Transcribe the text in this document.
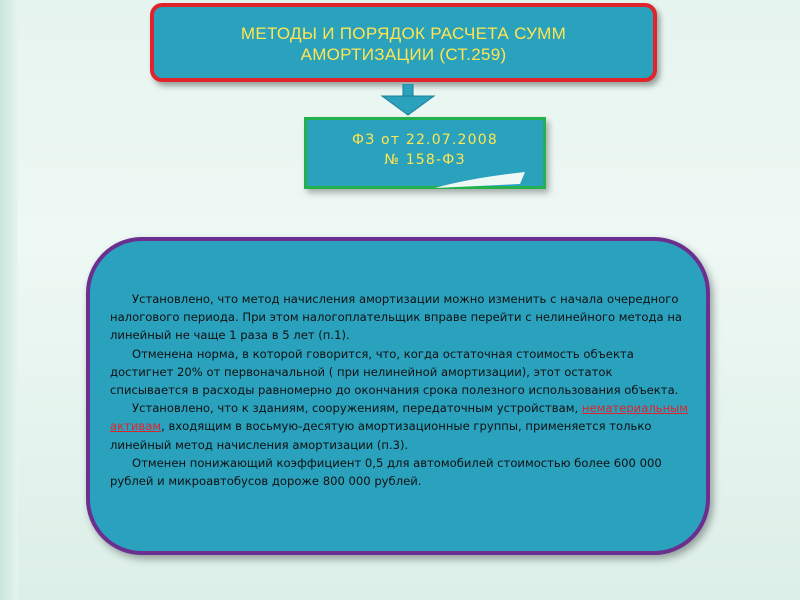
МЕТОДЫ И ПОРЯДОК РАСЧЕТА СУММ
АМОРТИЗАЦИИ (СТ.259)
ФЗ от 22.07.2008
№ 158-ФЗ

Установлено, что метод начисления амортизации можно изменить с начала очередного налогового периода. При этом налогоплательщик вправе перейти с нелинейного метода на линейный не чаще 1 раза в 5 лет (п.1).

Отменена норма, в которой говорится, что, когда остаточная стоимость объекта достигнет 20% от первоначальной ( при нелинейной амортизации), этот остаток списывается в расходы равномерно до окончания срока полезного использования объекта.

Установлено, что к зданиям, сооружениям, передаточным устройствам, нематериальным активам, входящим в восьмую-десятую амортизационные группы, применяется только линейный метод начисления амортизации (п.3).

Отменен понижающий коэффициент 0,5 для автомобилей стоимостью более 600 000 рублей и микроавтобусов дороже 800 000 рублей.
